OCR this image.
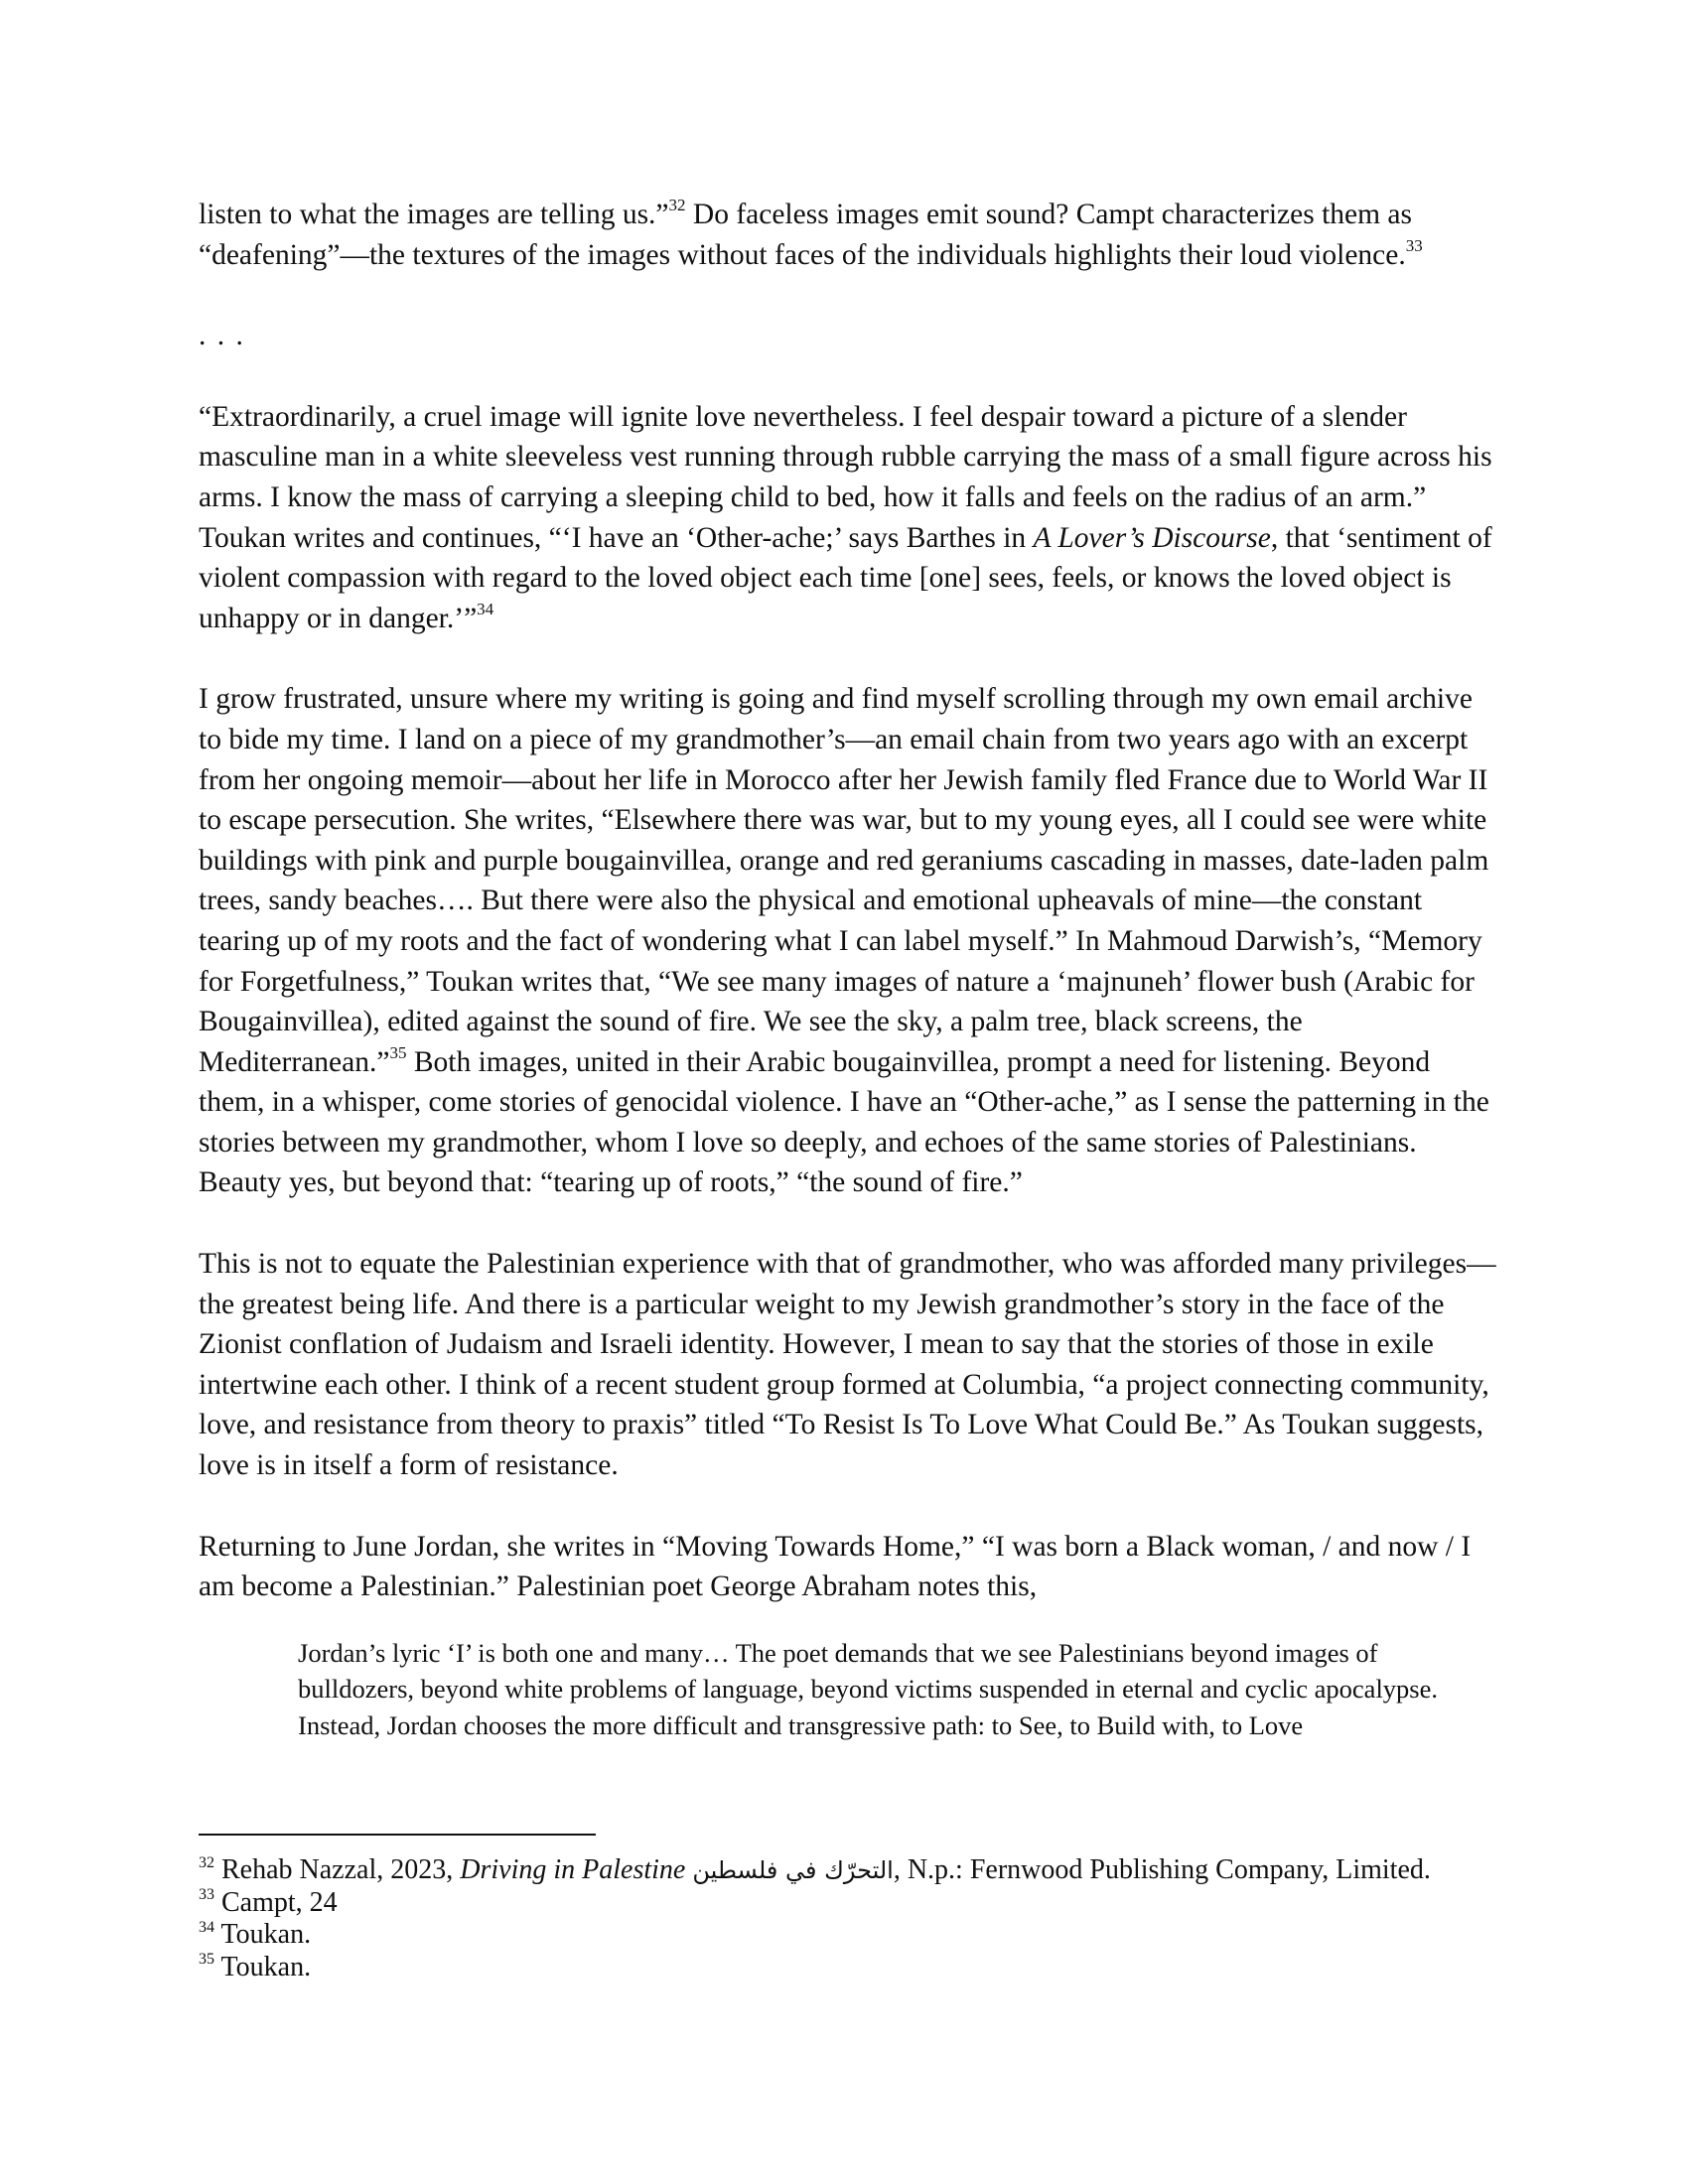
listen to what the images are telling us.”$^{32}$ Do faceless images emit sound? Campt characterizes them as “deafening”—the textures of the images without faces of the individuals highlights their loud violence.$^{33}$

. . .

“Extraordinarily, a cruel image will ignite love nevertheless. I feel despair toward a picture of a slender masculine man in a white sleeveless vest running through rubble carrying the mass of a small figure across his arms. I know the mass of carrying a sleeping child to bed, how it falls and feels on the radius of an arm.” Toukan writes and continues, “‘I have an ‘Other-ache;’ says Barthes in A Lover’s Discourse, that ‘sentiment of violent compassion with regard to the loved object each time [one] sees, feels, or knows the loved object is unhappy or in danger.’”$^{34}$

I grow frustrated, unsure where my writing is going and find myself scrolling through my own email archive to bide my time. I land on a piece of my grandmother’s—an email chain from two years ago with an excerpt from her ongoing memoir—about her life in Morocco after her Jewish family fled France due to World War II to escape persecution. She writes, “Elsewhere there was war, but to my young eyes, all I could see were white buildings with pink and purple bougainvillea, orange and red geraniums cascading in masses, date-laden palm trees, sandy beaches…. But there were also the physical and emotional upheavals of mine—the constant tearing up of my roots and the fact of wondering what I can label myself.” In Mahmoud Darwish’s, “Memory for Forgetfulness,” Toukan writes that, “We see many images of nature a ‘majnuneh’ flower bush (Arabic for Bougainvillea), edited against the sound of fire. We see the sky, a palm tree, black screens, the Mediterranean.”$^{35}$ Both images, united in their Arabic bougainvillea, prompt a need for listening. Beyond them, in a whisper, come stories of genocidal violence. I have an “Other-ache,” as I sense the patterning in the stories between my grandmother, whom I love so deeply, and echoes of the same stories of Palestinians. Beauty yes, but beyond that: “tearing up of roots,” “the sound of fire.”

This is not to equate the Palestinian experience with that of grandmother, who was afforded many privileges—the greatest being life. And there is a particular weight to my Jewish grandmother’s story in the face of the Zionist conflation of Judaism and Israeli identity. However, I mean to say that the stories of those in exile intertwine each other. I think of a recent student group formed at Columbia, “a project connecting community, love, and resistance from theory to praxis” titled “To Resist Is To Love What Could Be.” As Toukan suggests, love is in itself a form of resistance.

Returning to June Jordan, she writes in “Moving Towards Home,” “I was born a Black woman, / and now / I am become a Palestinian.” Palestinian poet George Abraham notes this,

Jordan’s lyric ‘I’ is both one and many… The poet demands that we see Palestinians beyond images of bulldozers, beyond white problems of language, beyond victims suspended in eternal and cyclic apocalypse. Instead, Jordan chooses the more difficult and transgressive path: to See, to Build with, to Love

$^{32}$ Rehab Nazzal, 2023, Driving in Palestine التحرّك في فلسطين, N.p.: Fernwood Publishing Company, Limited.

$^{33}$ Campt, 24

$^{34}$ Toukan.

$^{35}$ Toukan.
